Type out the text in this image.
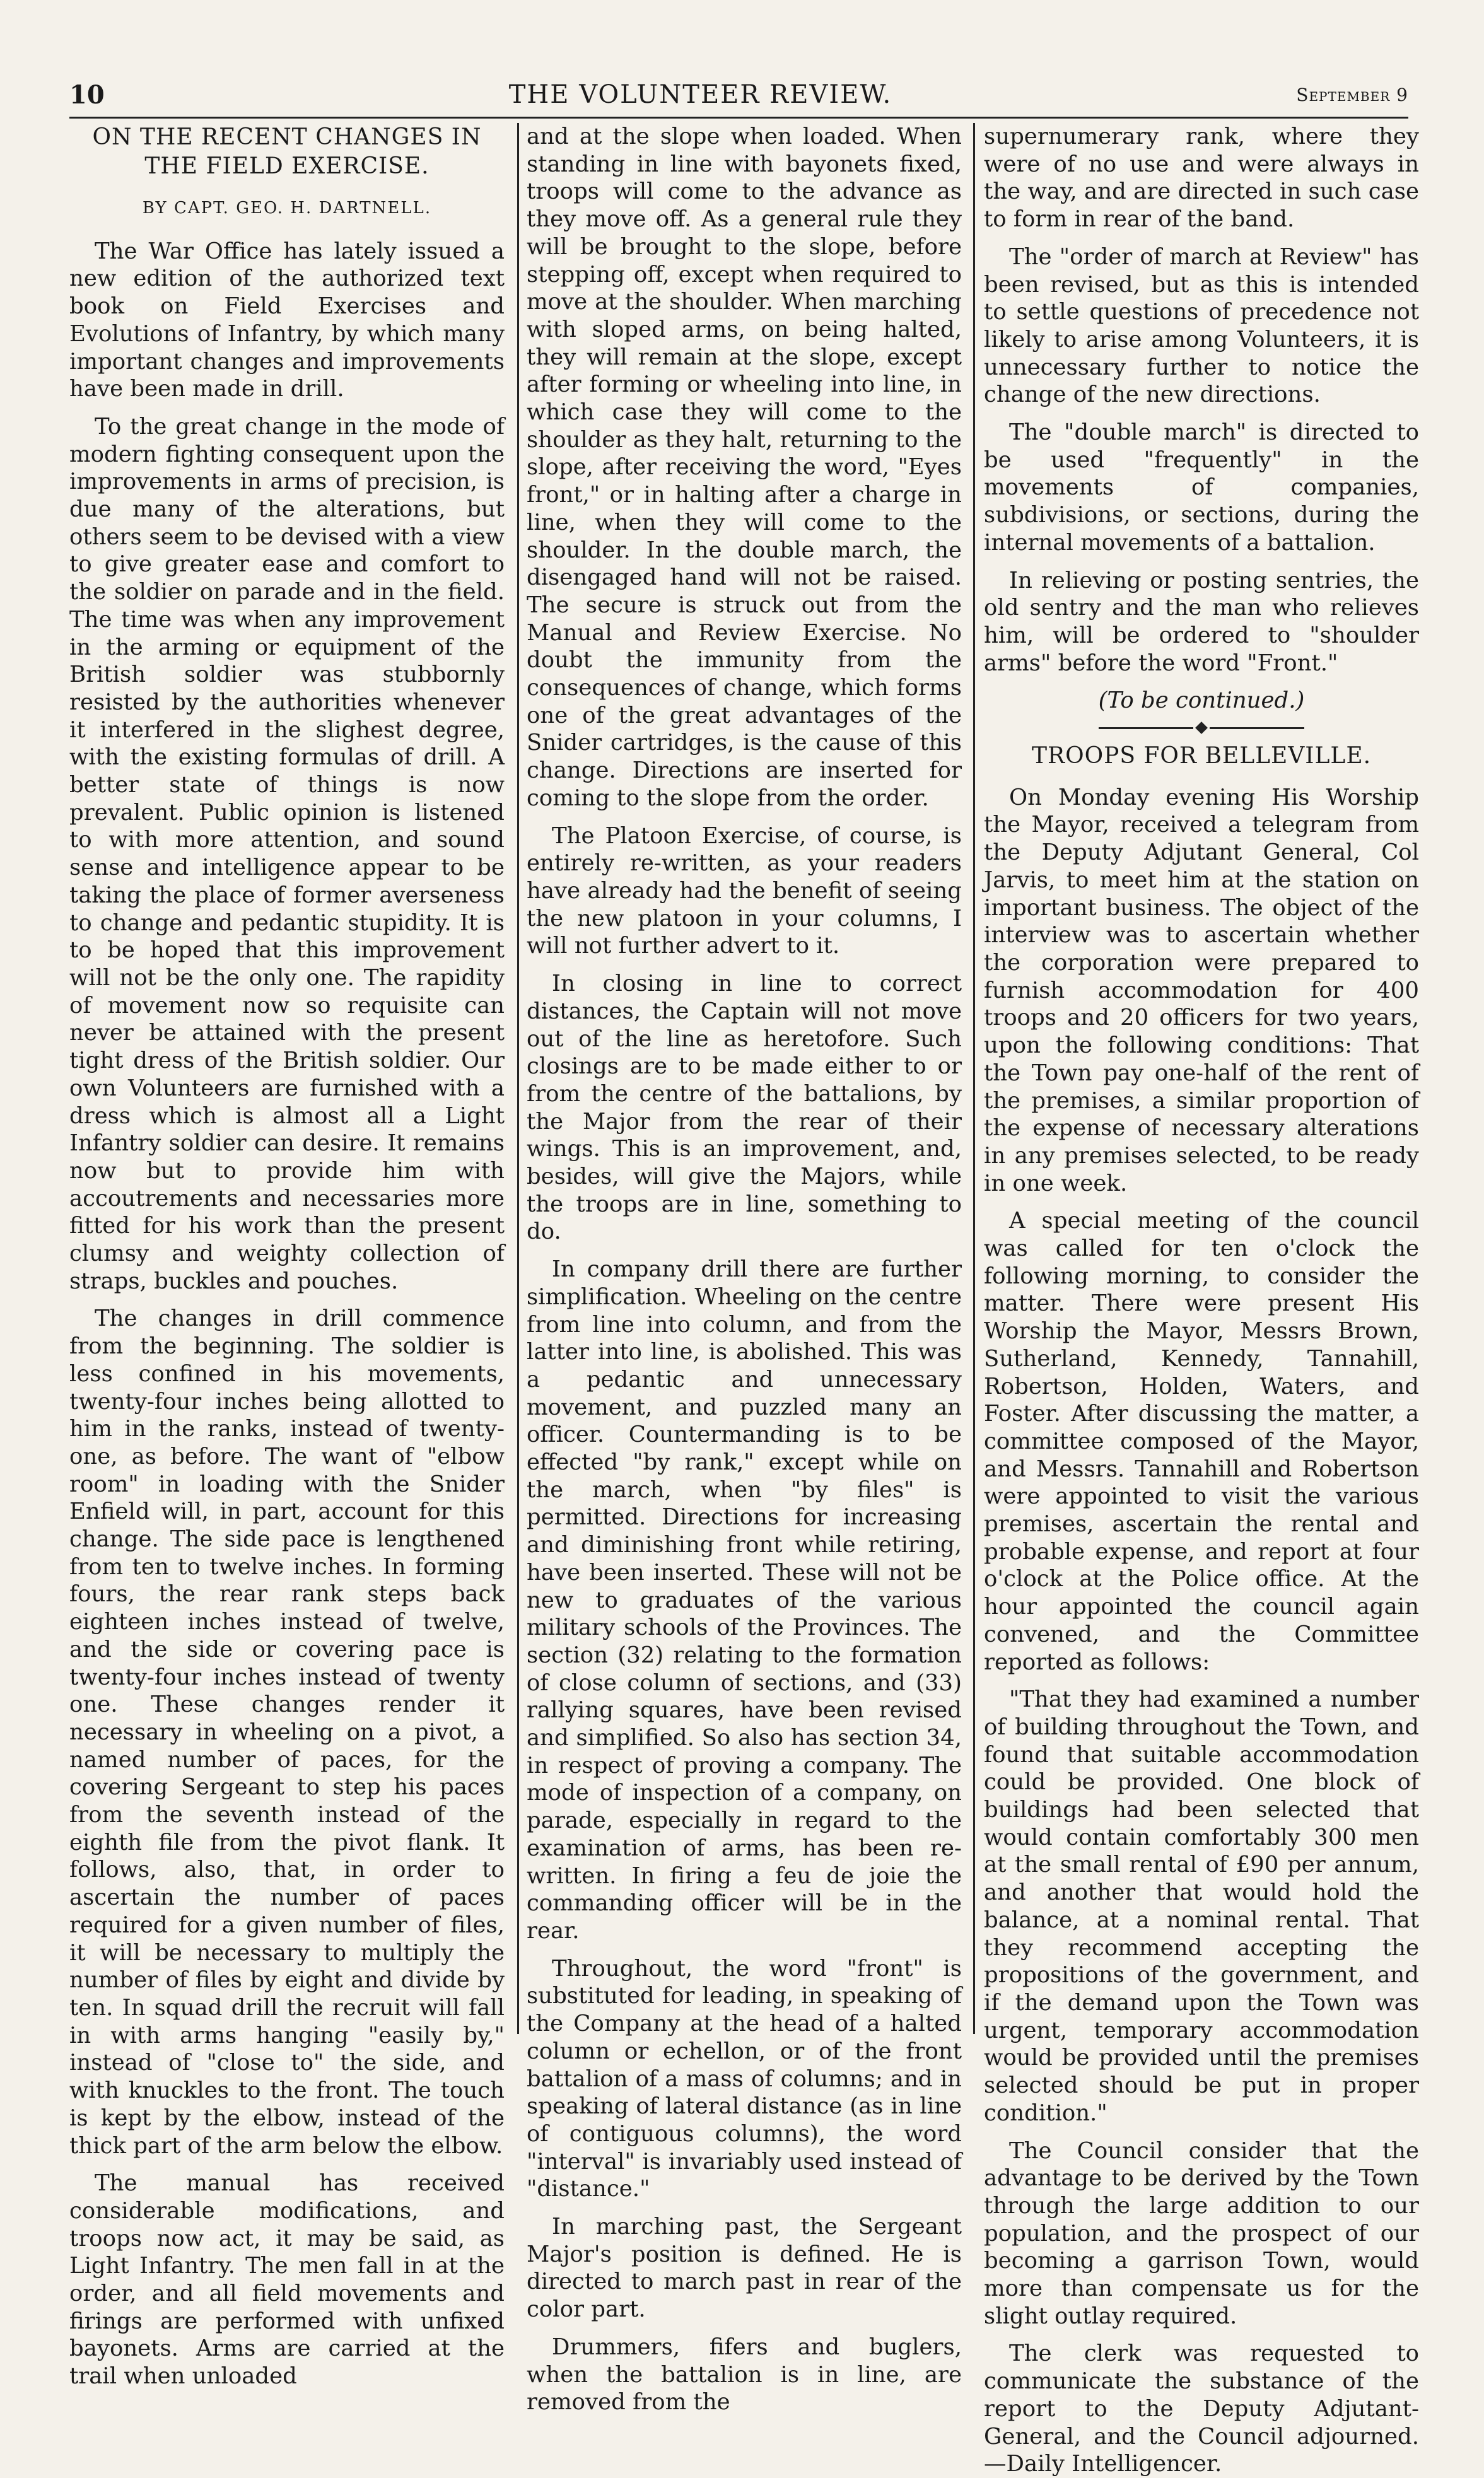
10	THE VOLUNTEER REVIEW.	September 9
ON THE RECENT CHANGES IN THE FIELD EXERCISE.
BY CAPT. GEO. H. DARTNELL.

The War Office has lately issued a new edition of the authorized text book on Field Exercises and Evolutions of Infantry, by which many important changes and improvements have been made in drill.

To the great change in the mode of modern fighting consequent upon the improvements in arms of precision, is due many of the alterations, but others seem to be devised with a view to give greater ease and comfort to the soldier on parade and in the field. The time was when any improvement in the arming or equipment of the British soldier was stubbornly resisted by the authorities whenever it interfered in the slighest degree, with the existing formulas of drill. A better state of things is now prevalent. Public opinion is listened to with more attention, and sound sense and intelligence appear to be taking the place of former averseness to change and pedantic stupidity. It is to be hoped that this improvement will not be the only one. The rapidity of movement now so requisite can never be attained with the present tight dress of the British soldier. Our own Volunteers are furnished with a dress which is almost all a Light Infantry soldier can desire. It remains now but to provide him with accoutrements and necessaries more fitted for his work than the present clumsy and weighty collection of straps, buckles and pouches.

The changes in drill commence from the beginning. The soldier is less confined in his movements, twenty-four inches being allotted to him in the ranks, instead of twenty-one, as before. The want of "elbow room" in loading with the Snider Enfield will, in part, account for this change. The side pace is lengthened from ten to twelve inches. In forming fours, the rear rank steps back eighteen inches instead of twelve, and the side or covering pace is twenty-four inches instead of twenty one. These changes render it necessary in wheeling on a pivot, a named number of paces, for the covering Sergeant to step his paces from the seventh instead of the eighth file from the pivot flank. It follows, also, that, in order to ascertain the number of paces required for a given number of files, it will be necessary to multiply the number of files by eight and divide by ten. In squad drill the recruit will fall in with arms hanging "easily by," instead of "close to" the side, and with knuckles to the front. The touch is kept by the elbow, instead of the thick part of the arm below the elbow.

The manual has received considerable modifications, and troops now act, it may be said, as Light Infantry. The men fall in at the order, and all field movements and firings are performed with unfixed bayonets. Arms are carried at the trail when unloaded

and at the slope when loaded. When standing in line with bayonets fixed, troops will come to the advance as they move off. As a general rule they will be brought to the slope, before stepping off, except when required to move at the shoulder. When marching with sloped arms, on being halted, they will remain at the slope, except after forming or wheeling into line, in which case they will come to the shoulder as they halt, returning to the slope, after receiving the word, "Eyes front," or in halting after a charge in line, when they will come to the shoulder. In the double march, the disengaged hand will not be raised. The secure is struck out from the Manual and Review Exercise. No doubt the immunity from the consequences of change, which forms one of the great advantages of the Snider cartridges, is the cause of this change. Directions are inserted for coming to the slope from the order.

The Platoon Exercise, of course, is entirely re-written, as your readers have already had the benefit of seeing the new platoon in your columns, I will not further advert to it.

In closing in line to correct distances, the Captain will not move out of the line as heretofore. Such closings are to be made either to or from the centre of the battalions, by the Major from the rear of their wings. This is an improvement, and, besides, will give the Majors, while the troops are in line, something to do.

In company drill there are further simplification. Wheeling on the centre from line into column, and from the latter into line, is abolished. This was a pedantic and unnecessary movement, and puzzled many an officer. Countermanding is to be effected "by rank," except while on the march, when "by files" is permitted. Directions for increasing and diminishing front while retiring, have been inserted. These will not be new to graduates of the various military schools of the Provinces. The section (32) relating to the formation of close column of sections, and (33) rallying squares, have been revised and simplified. So also has section 34, in respect of proving a company. The mode of inspection of a company, on parade, especially in regard to the examination of arms, has been re-written. In firing a feu de joie the commanding officer will be in the rear.

Throughout, the word "front" is substituted for leading, in speaking of the Company at the head of a halted column or echellon, or of the front battalion of a mass of columns; and in speaking of lateral distance (as in line of contiguous columns), the word "interval" is invariably used instead of "distance."

In marching past, the Sergeant Major's position is defined. He is directed to march past in rear of the color part.

Drummers, fifers and buglers, when the battalion is in line, are removed from the

supernumerary rank, where they were of no use and were always in the way, and are directed in such case to form in rear of the band.

The "order of march at Review" has been revised, but as this is intended to settle questions of precedence not likely to arise among Volunteers, it is unnecessary further to notice the change of the new directions.

The "double march" is directed to be used "frequently" in the movements of companies, subdivisions, or sections, during the internal movements of a battalion.

In relieving or posting sentries, the old sentry and the man who relieves him, will be ordered to "shoulder arms" before the word "Front."

(To be continued.)
TROOPS FOR BELLEVILLE.

On Monday evening His Worship the Mayor, received a telegram from the Deputy Adjutant General, Col Jarvis, to meet him at the station on important business. The object of the interview was to ascertain whether the corporation were prepared to furnish accommodation for 400 troops and 20 officers for two years, upon the following conditions: That the Town pay one-half of the rent of the premises, a similar proportion of the expense of necessary alterations in any premises selected, to be ready in one week.

A special meeting of the council was called for ten o'clock the following morning, to consider the matter. There were present His Worship the Mayor, Messrs Brown, Sutherland, Kennedy, Tannahill, Robertson, Holden, Waters, and Foster. After discussing the matter, a committee composed of the Mayor, and Messrs. Tannahill and Robertson were appointed to visit the various premises, ascertain the rental and probable expense, and report at four o'clock at the Police office. At the hour appointed the council again convened, and the Committee reported as follows:

"That they had examined a number of building throughout the Town, and found that suitable accommodation could be provided. One block of buildings had been selected that would contain comfortably 300 men at the small rental of £90 per annum, and another that would hold the balance, at a nominal rental. That they recommend accepting the propositions of the government, and if the demand upon the Town was urgent, temporary accommodation would be provided until the premises selected should be put in proper condition."

The Council consider that the advantage to be derived by the Town through the large addition to our population, and the prospect of our becoming a garrison Town, would more than compensate us for the slight outlay required.

The clerk was requested to communicate the substance of the report to the Deputy Adjutant-General, and the Council adjourned.—Daily Intelligencer.
